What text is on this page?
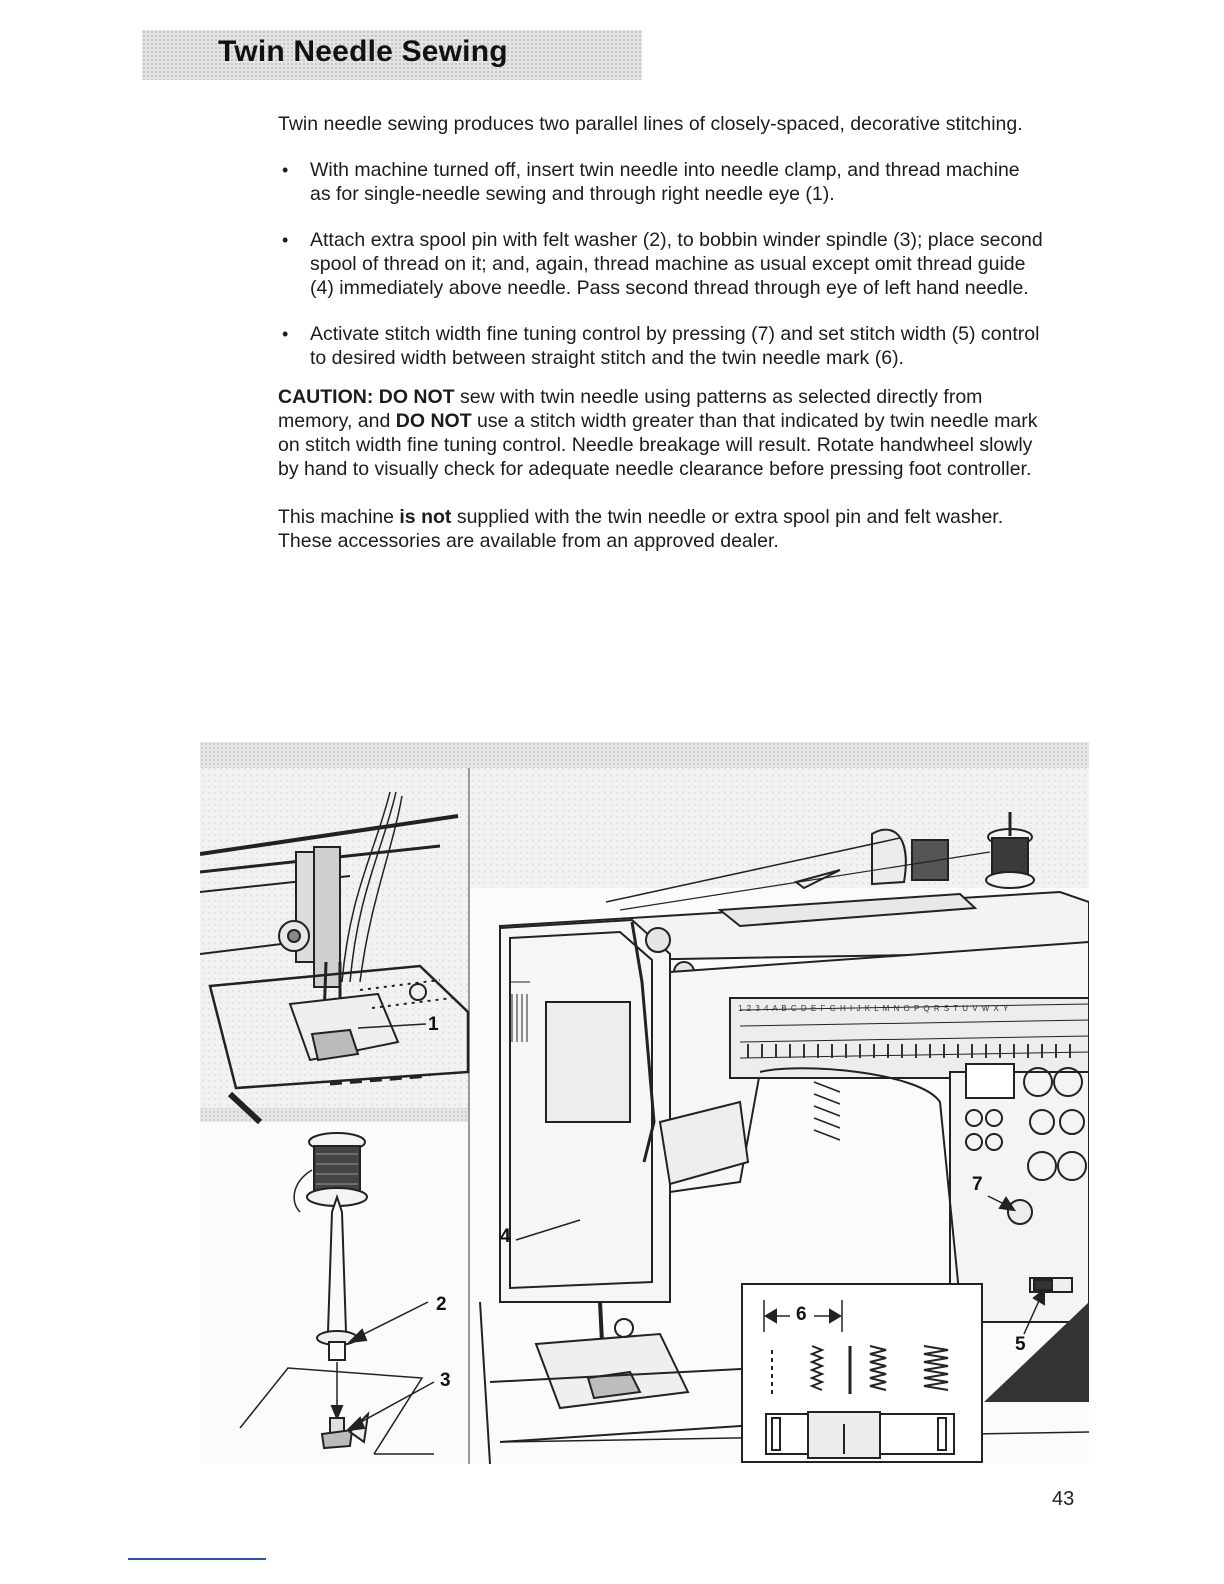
Twin Needle Sewing

Twin needle sewing produces two parallel lines of closely-spaced, decorative stitching.

• With machine turned off, insert twin needle into needle clamp, and thread machine as for single-needle sewing and through right needle eye (1).
• Attach extra spool pin with felt washer (2), to bobbin winder spindle (3); place second spool of thread on it; and, again, thread machine as usual except omit thread guide (4) immediately above needle. Pass second thread through eye of left hand needle.
• Activate stitch width fine tuning control by pressing (7) and set stitch width (5) control to desired width between straight stitch and the twin needle mark (6).

CAUTION: DO NOT sew with twin needle using patterns as selected directly from memory, and DO NOT use a stitch width greater than that indicated by twin needle mark on stitch width fine tuning control. Needle breakage will result. Rotate handwheel slowly by hand to visually check for adequate needle clearance before pressing foot controller.

This machine is not supplied with the twin needle or extra spool pin and felt washer. These accessories are available from an approved dealer.

1
2
3
4
5
6
7
1 2 3 4 A B C D E F G H I J K L M N O P Q R S T U V W X Y
43
